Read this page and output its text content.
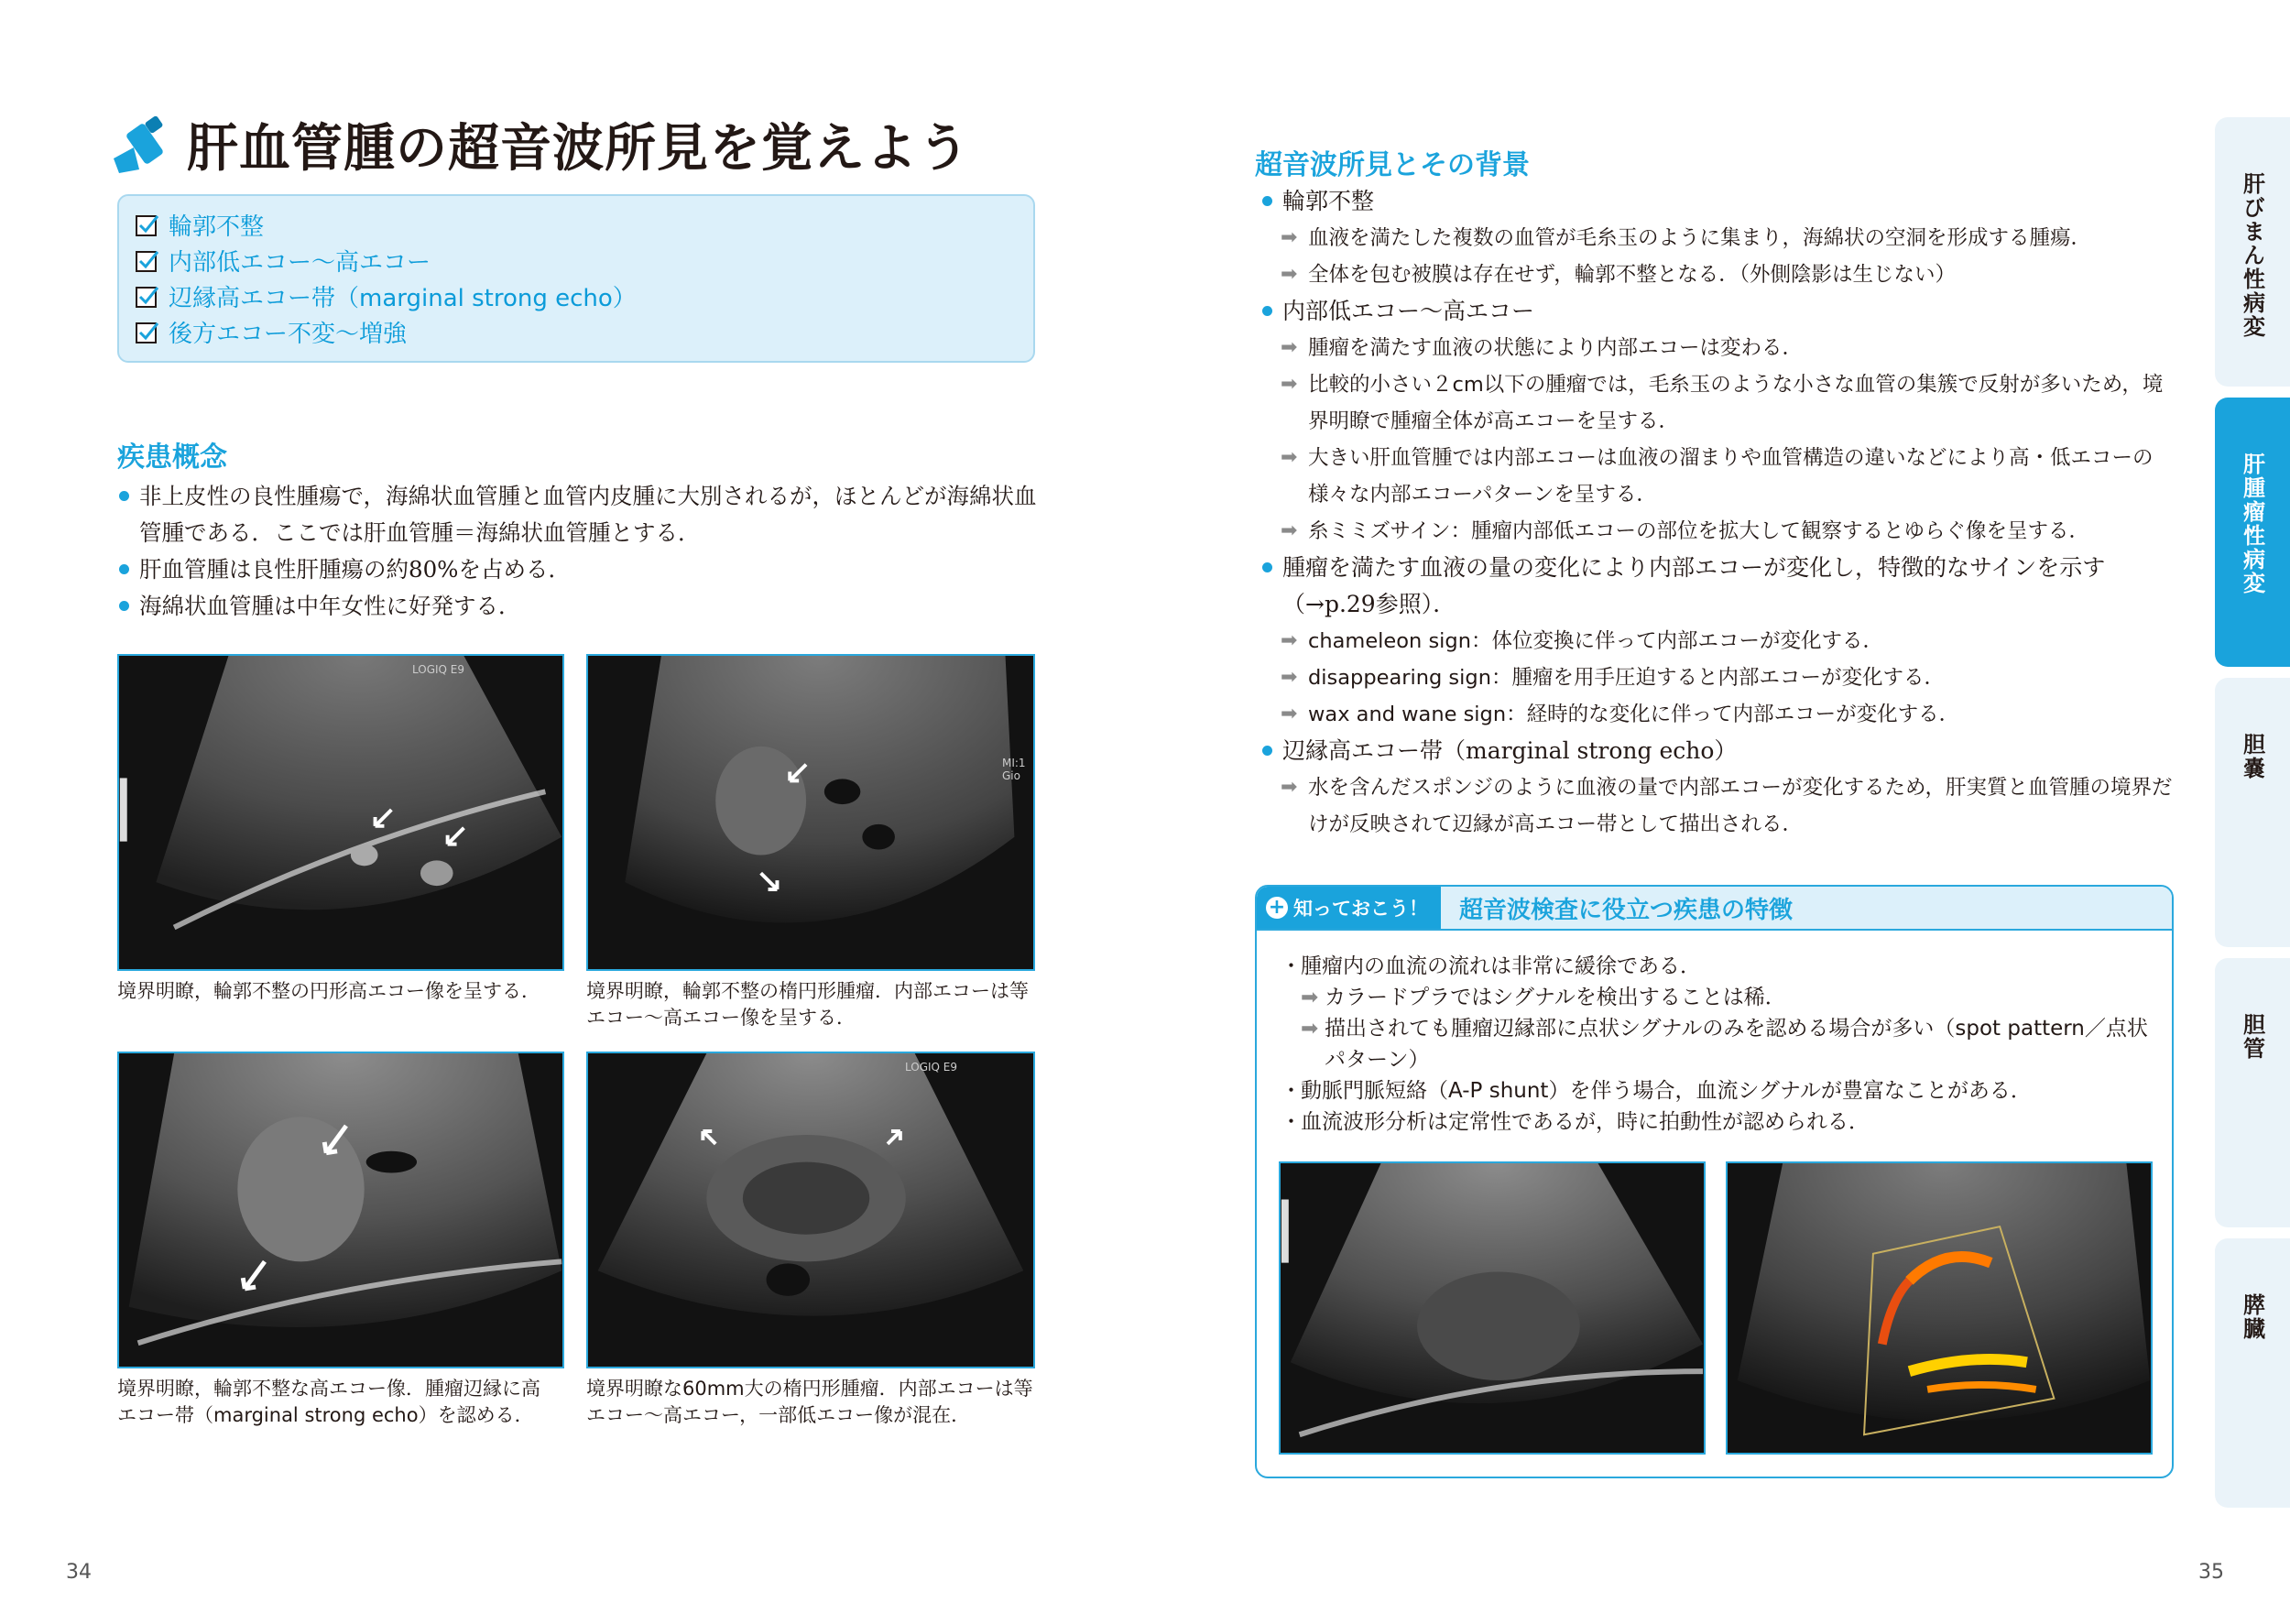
肝血管腫の超音波所見を覚えよう
輪郭不整
内部低エコー〜高エコー
辺縁高エコー帯（marginal strong echo）
後方エコー不変〜増強
疾患概念
非上皮性の良性腫瘍で，海綿状血管腫と血管内皮腫に大別されるが，ほとんどが海綿状血管腫である．ここでは肝血管腫＝海綿状血管腫とする．
肝血管腫は良性肝腫瘍の約80%を占める．
海綿状血管腫は中年女性に好発する．
LOGIQ E9
境界明瞭，輪郭不整の円形高エコー像を呈する．
MI:1 Gio
境界明瞭，輪郭不整の楕円形腫瘤．内部エコーは等エコー〜高エコー像を呈する．
境界明瞭，輪郭不整な高エコー像．腫瘤辺縁に高エコー帯（marginal strong echo）を認める．
LOGIQ E9
境界明瞭な60mm大の楕円形腫瘤．内部エコーは等エコー〜高エコー，一部低エコー像が混在．
34
超音波所見とその背景
輪郭不整
➡ 血液を満たした複数の血管が毛糸玉のように集まり，海綿状の空洞を形成する腫瘍．
➡ 全体を包む被膜は存在せず，輪郭不整となる．（外側陰影は生じない）
内部低エコー〜高エコー
➡ 腫瘤を満たす血液の状態により内部エコーは変わる．
➡ 比較的小さい２cm以下の腫瘤では，毛糸玉のような小さな血管の集簇で反射が多いため，境界明瞭で腫瘤全体が高エコーを呈する．
➡ 大きい肝血管腫では内部エコーは血液の溜まりや血管構造の違いなどにより高・低エコーの様々な内部エコーパターンを呈する．
➡ 糸ミミズサイン：腫瘤内部低エコーの部位を拡大して観察するとゆらぐ像を呈する．
腫瘤を満たす血液の量の変化により内部エコーが変化し，特徴的なサインを示す（→p.29参照）．
➡ chameleon sign：体位変換に伴って内部エコーが変化する．
➡ disappearing sign：腫瘤を用手圧迫すると内部エコーが変化する．
➡ wax and wane sign：経時的な変化に伴って内部エコーが変化する．
辺縁高エコー帯（marginal strong echo）
➡ 水を含んだスポンジのように血液の量で内部エコーが変化するため，肝実質と血管腫の境界だけが反映されて辺縁が高エコー帯として描出される．
+ 知っておこう！ 超音波検査に役立つ疾患の特徴
・ 腫瘤内の血流の流れは非常に緩徐である．
➡ カラードプラではシグナルを検出することは稀．
➡ 描出されても腫瘤辺縁部に点状シグナルのみを認める場合が多い（spot pattern／点状パターン）
・ 動脈門脈短絡（A-P shunt）を伴う場合，血流シグナルが豊富なことがある．
・ 血流波形分析は定常性であるが，時に拍動性が認められる．
35
肝びまん性病変
肝腫瘤性病変
胆嚢
胆管
膵臓
